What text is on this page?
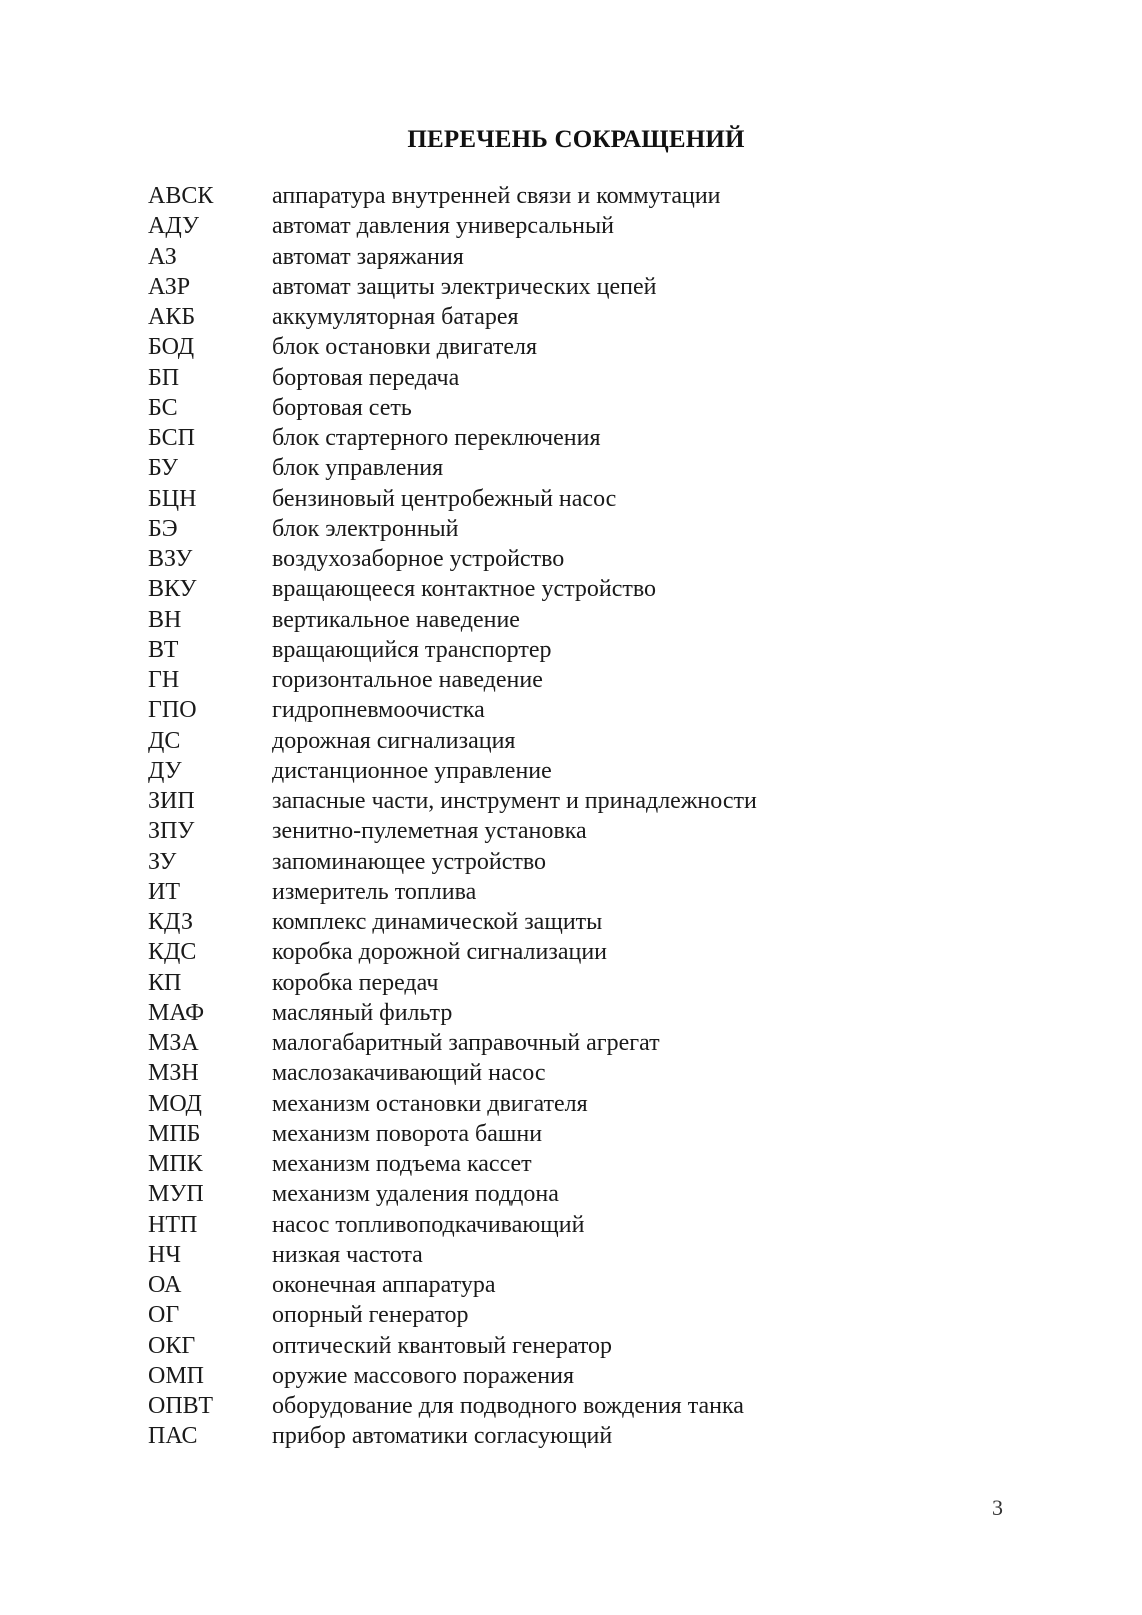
ПЕРЕЧЕНЬ СОКРАЩЕНИЙ
АВСК	аппаратура внутренней связи и коммутации
АДУ	автомат давления универсальный
АЗ	автомат заряжания
АЗР	автомат защиты электрических цепей
АКБ	аккумуляторная батарея
БОД	блок остановки двигателя
БП	бортовая передача
БС	бортовая сеть
БСП	блок стартерного переключения
БУ	блок управления
БЦН	бензиновый центробежный насос
БЭ	блок электронный
ВЗУ	воздухозаборное устройство
ВКУ	вращающееся контактное устройство
ВН	вертикальное наведение
ВТ	вращающийся транспортер
ГН	горизонтальное наведение
ГПО	гидропневмоочистка
ДС	дорожная сигнализация
ДУ	дистанционное управление
ЗИП	запасные части, инструмент и принадлежности
ЗПУ	зенитно-пулеметная установка
ЗУ	запоминающее устройство
ИТ	измеритель топлива
КДЗ	комплекс динамической защиты
КДС	коробка дорожной сигнализации
КП	коробка передач
МАФ	масляный фильтр
МЗА	малогабаритный заправочный агрегат
МЗН	маслозакачивающий насос
МОД	механизм остановки двигателя
МПБ	механизм поворота башни
МПК	механизм подъема кассет
МУП	механизм удаления поддона
НТП	насос топливоподкачивающий
НЧ	низкая частота
ОА	оконечная аппаратура
ОГ	опорный генератор
ОКГ	оптический квантовый генератор
ОМП	оружие массового поражения
ОПВТ	оборудование для подводного вождения танка
ПАС	прибор автоматики согласующий
3
